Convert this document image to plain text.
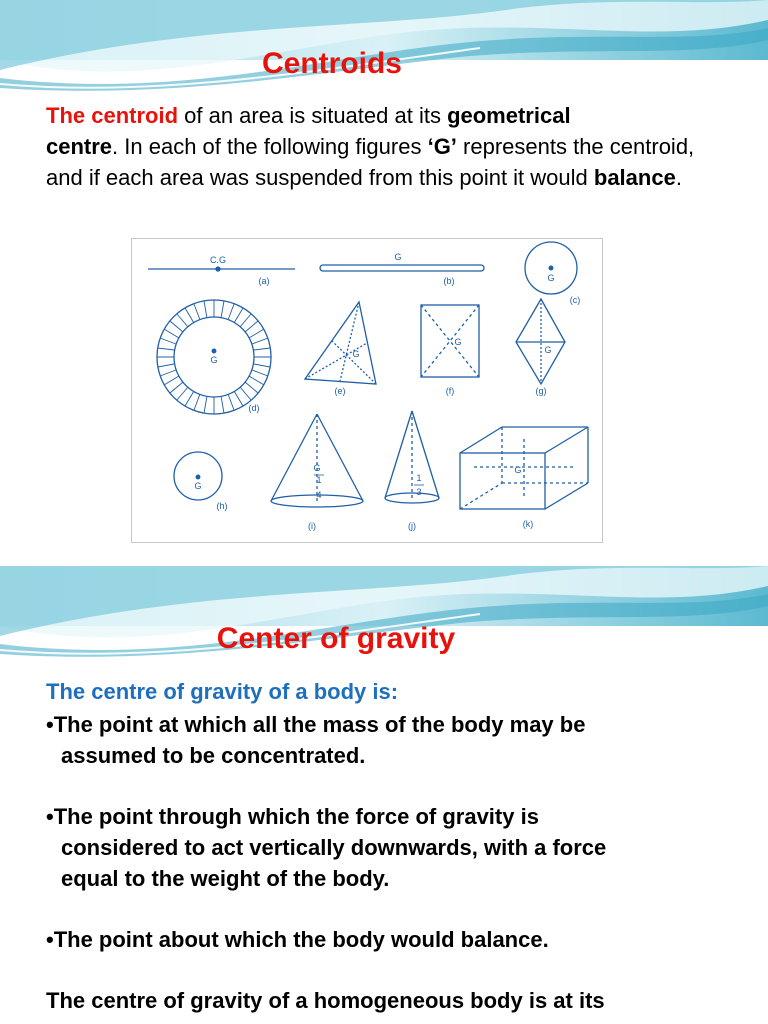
Centroids

The centroid of an area is situated at its geometrical
centre. In each of the following figures ‘G’ represents the centroid, and if each area was suspended from this point it would balance.

C.G
(a)
G
(b)	G
(c)
G
(d)
G
(e)
G
(f)
G
(g)
G
(h)
G
1
4
(i)
1
3
(j)
G
(k)
Center of gravity

The centre of gravity of a body is:

•The point at which all the mass of the body may be
assumed to be concentrated.

•The point through which the force of gravity is
considered to act vertically downwards, with a force
equal to the weight of the body.

•The point about which the body would balance.

The centre of gravity of a homogeneous body is at its
